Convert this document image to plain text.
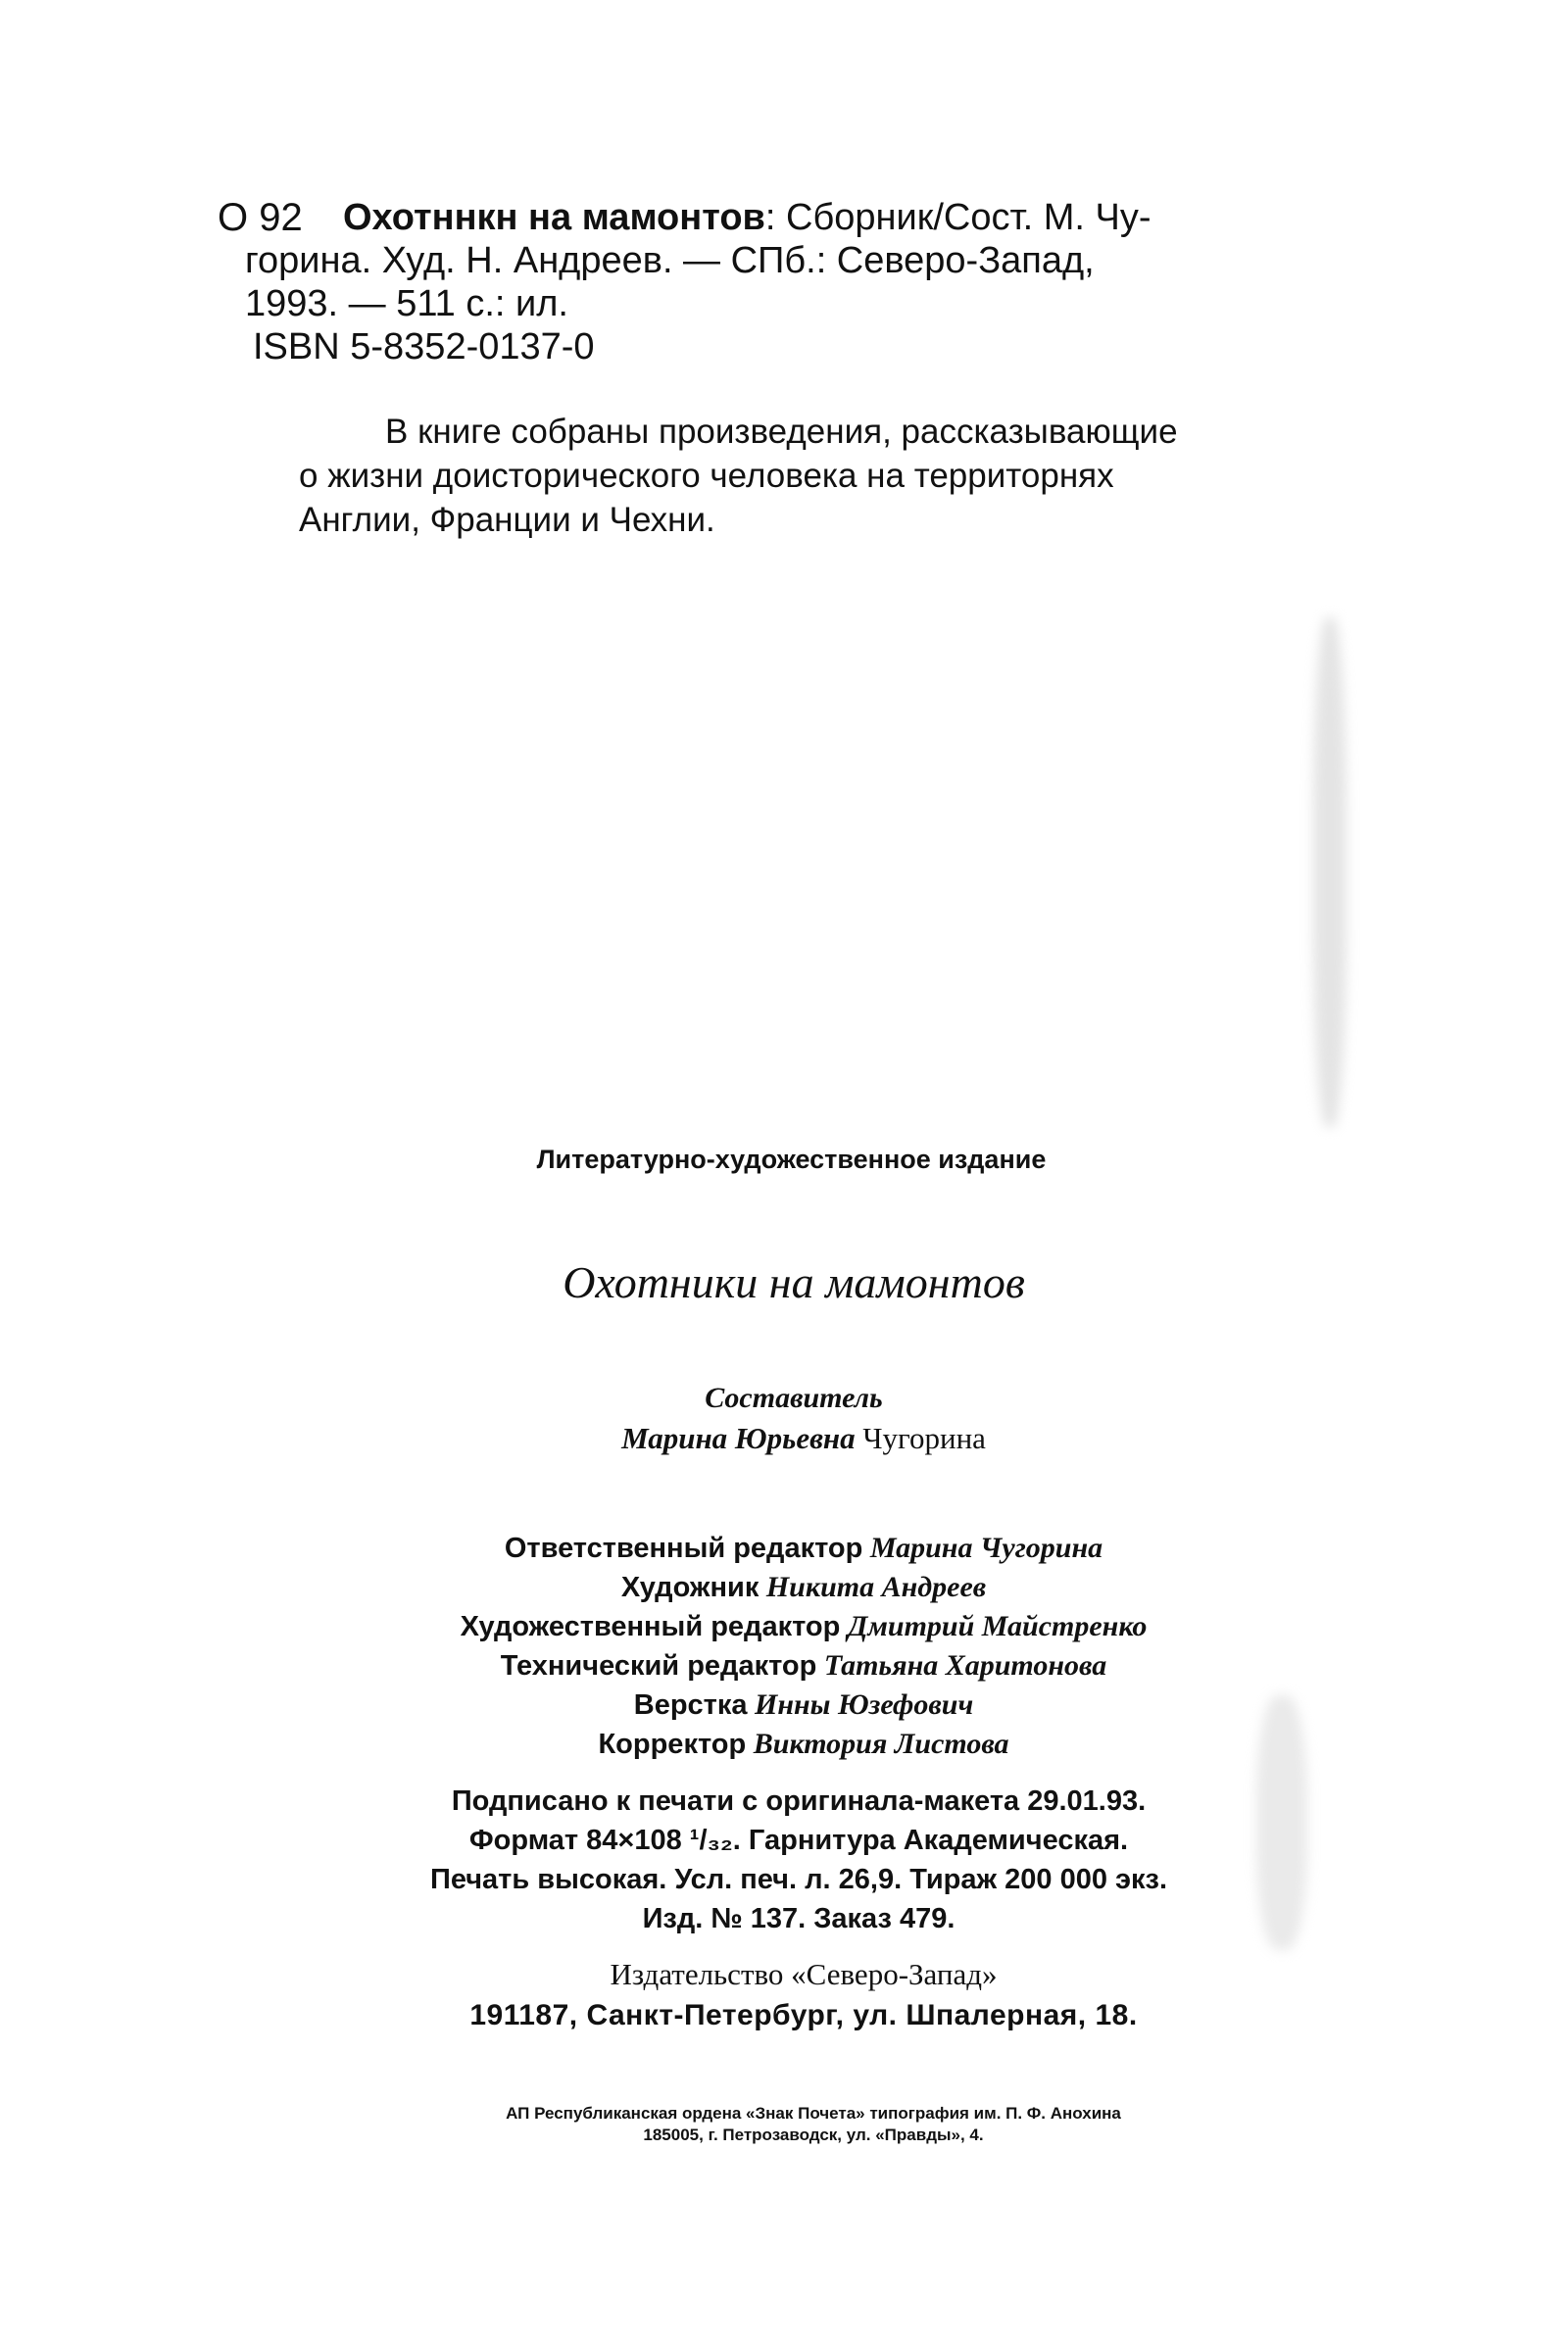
О 92 Охотннкн на мамонтов: Сборник/Сост. М. Чу-
горина. Худ. Н. Андреев. — СПб.: Северо-Запад,
1993. — 511 с.: ил.
ISBN 5-8352-0137-0
В книге собраны произведения, рассказывающие
о жизни доисторического человека на территорнях
Англии, Франции и Чехни.
Литературно-художественное издание
Охотники на мамонтов
Составитель
Марина Юрьевна Чугорина
Ответственный редактор Марина Чугорина
Художник Никита Андреев
Художественный редактор Дмитрий Майстренко
Технический редактор Татьяна Харитонова
Верстка Инны Юзефович
Корректор Виктория Листова
Подписано к печати с оригинала-макета 29.01.93.
Формат 84×108 ¹/₃₂. Гарнитура Академическая.
Печать высокая. Усл. печ. л. 26,9. Тираж 200 000 экз.
Изд. № 137. Заказ 479.
Издательство «Северо-Запад»
191187, Санкт-Петербург, ул. Шпалерная, 18.
АП Республиканская ордена «Знак Почета» типография им. П. Ф. Анохина
185005, г. Петрозаводск, ул. «Правды», 4.
